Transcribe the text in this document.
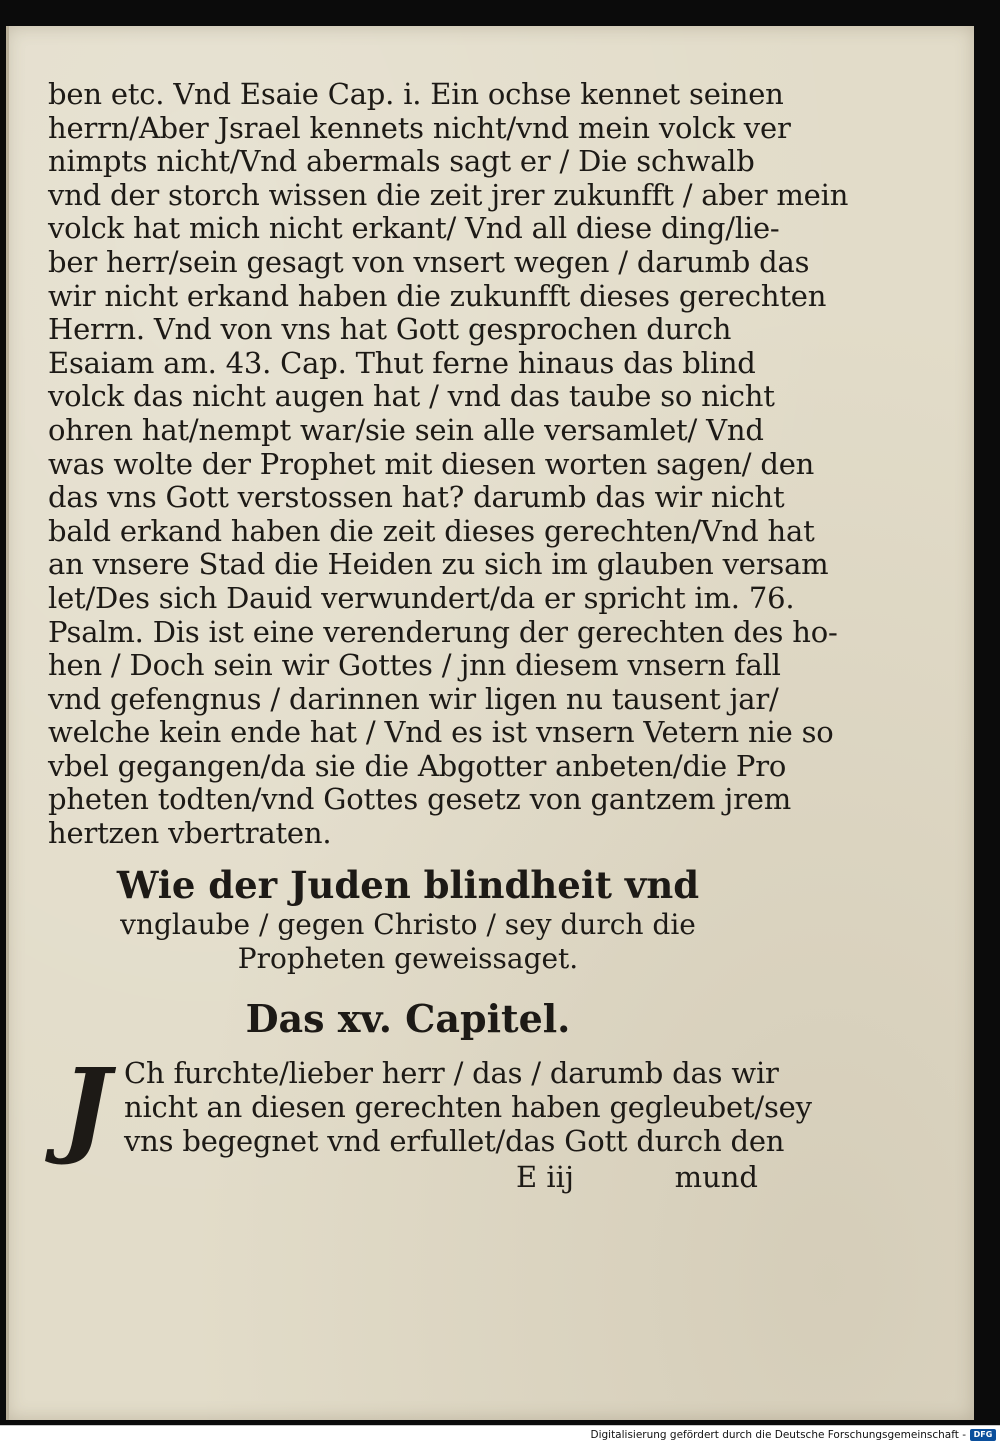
ben etc. Vnd Esaie Cap. i. Ein ochse kennet seinen
herrn/Aber Jsrael kennets nicht/vnd mein volck ver
nimpts nicht/Vnd abermals sagt er / Die schwalb
vnd der storch wissen die zeit jrer zukunfft / aber mein
volck hat mich nicht erkant/ Vnd all diese ding/lie-
ber herr/sein gesagt von vnsert wegen / darumb das
wir nicht erkand haben die zukunfft dieses gerechten
Herrn. Vnd von vns hat Gott gesprochen durch
Esaiam am. 43. Cap. Thut ferne hinaus das blind
volck das nicht augen hat / vnd das taube so nicht
ohren hat/nempt war/sie sein alle versamlet/ Vnd
was wolte der Prophet mit diesen worten sagen/ den
das vns Gott verstossen hat? darumb das wir nicht
bald erkand haben die zeit dieses gerechten/Vnd hat
an vnsere Stad die Heiden zu sich im glauben versam
let/Des sich Dauid verwundert/da er spricht im. 76.
Psalm. Dis ist eine verenderung der gerechten des ho-
hen / Doch sein wir Gottes / jnn diesem vnsern fall
vnd gefengnus / darinnen wir ligen nu tausent jar/
welche kein ende hat / Vnd es ist vnsern Vetern nie so
vbel gegangen/da sie die Abgotter anbeten/die Pro
pheten todten/vnd Gottes gesetz von gantzem jrem
hertzen vbertraten.
Wie der Juden blindheit vnd
vnglaube / gegen Christo / sey durch die
Propheten geweissaget.
Das xv. Capitel.
J Ch furchte/lieber herr / das / darumb das wir
nicht an diesen gerechten haben gegleubet/sey
vns begegnet vnd erfullet/das Gott durch den
E iij	mund
Digitalisierung gefördert durch die Deutsche Forschungsgemeinschaft - DFG
